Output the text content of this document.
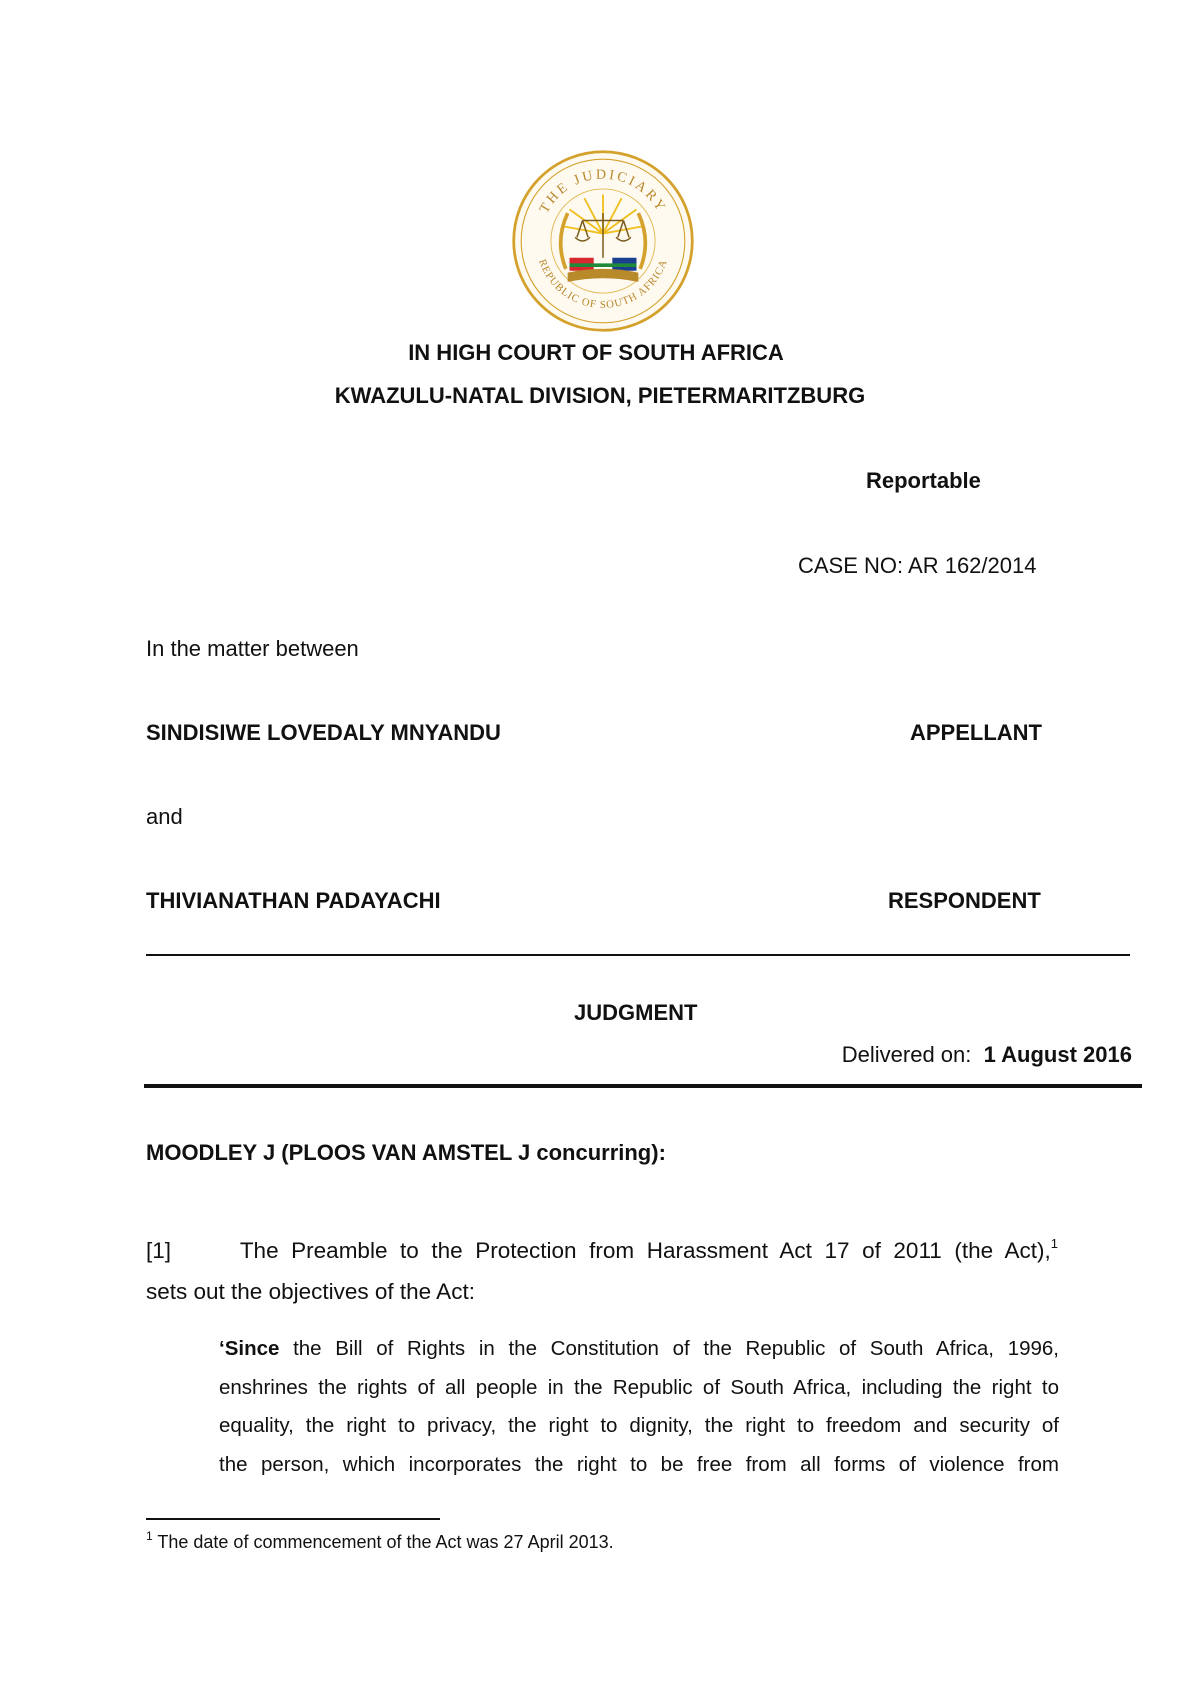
THE JUDICIARY
REPUBLIC OF SOUTH AFRICA
IN HIGH COURT OF SOUTH AFRICA
KWAZULU-NATAL DIVISION, PIETERMARITZBURG
Reportable
CASE NO: AR 162/2014
In the matter between
SINDISIWE LOVEDALY MNYANDU	APPELLANT
and
THIVIANATHAN PADAYACHI	RESPONDENT
JUDGMENT
Delivered on: 1 August 2016
MOODLEY J (PLOOS VAN AMSTEL J concurring):
[1]	The Preamble to the Protection from Harassment Act 17 of 2011 (the Act),$^1$
sets out the objectives of the Act:
‘Since the Bill of Rights in the Constitution of the Republic of South Africa, 1996,
enshrines the rights of all people in the Republic of South Africa, including the right to
equality, the right to privacy, the right to dignity, the right to freedom and security of
the person, which incorporates the right to be free from all forms of violence from
$^1$ The date of commencement of the Act was 27 April 2013.
